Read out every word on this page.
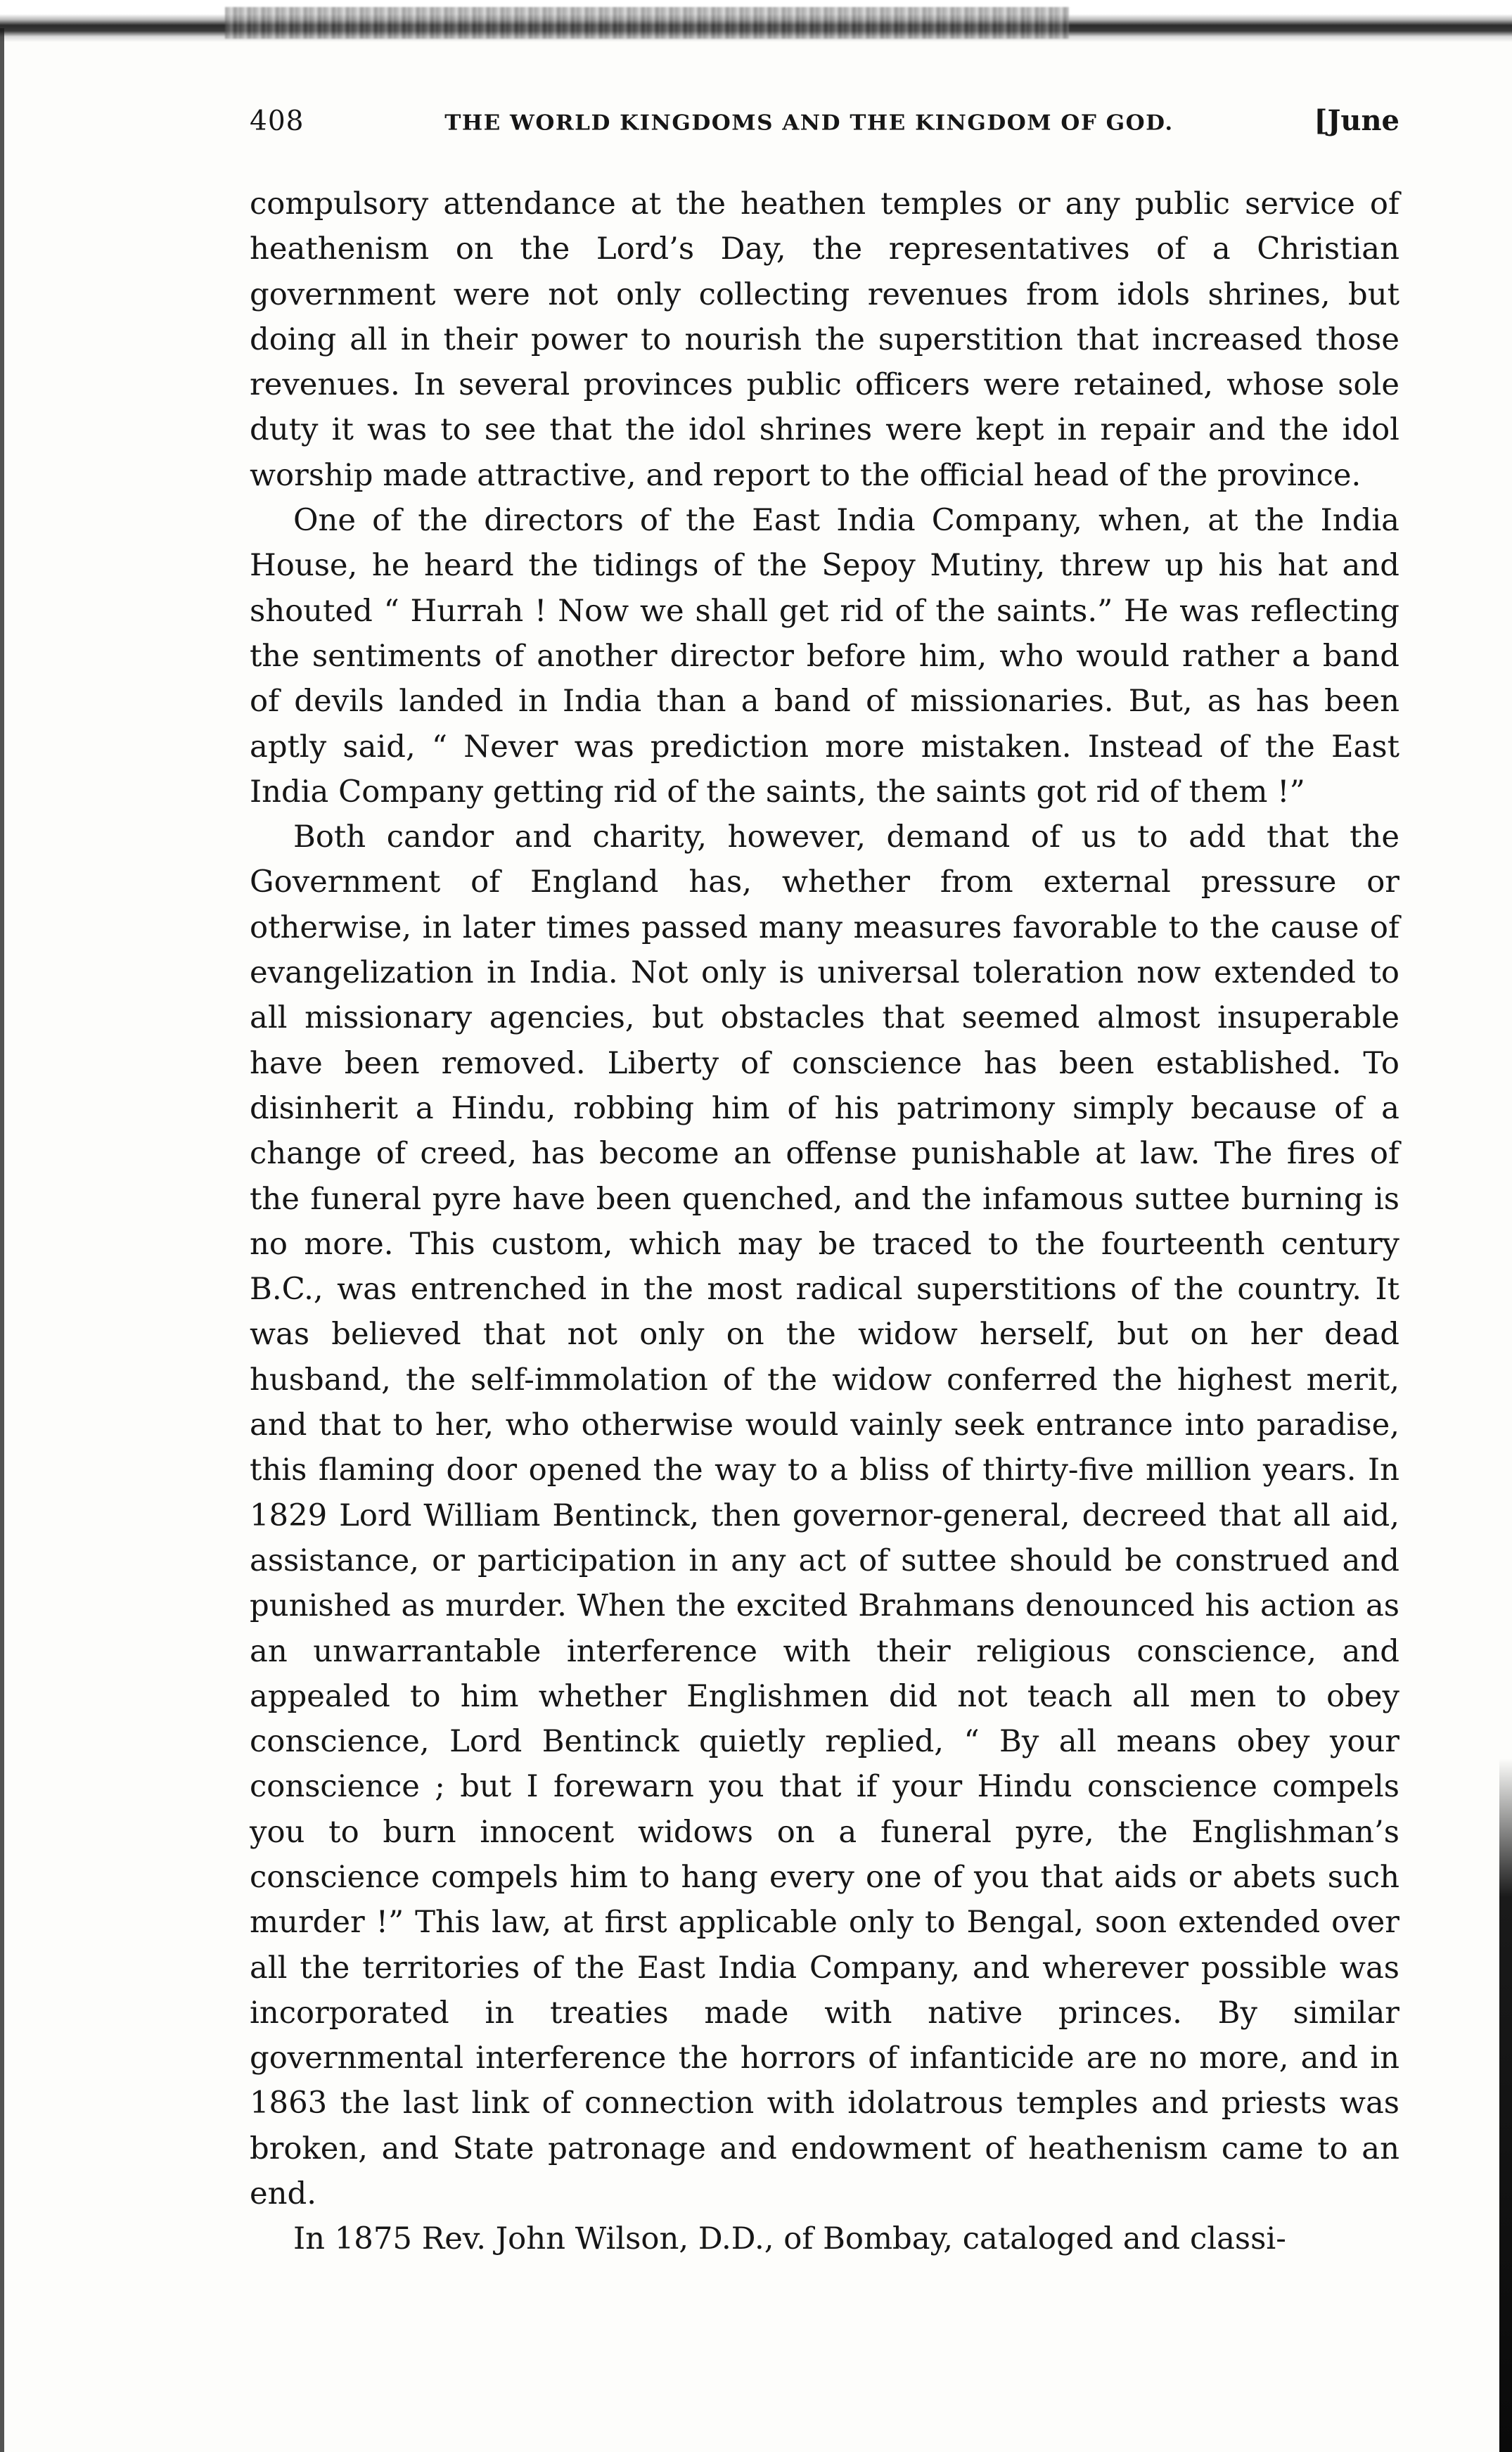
408	THE WORLD KINGDOMS AND THE KINGDOM OF GOD.	[June

compulsory attendance at the heathen temples or any public service of heathenism on the Lord’s Day, the representatives of a Christian government were not only collecting revenues from idols shrines, but doing all in their power to nourish the superstition that increased those revenues. In several provinces public officers were retained, whose sole duty it was to see that the idol shrines were kept in repair and the idol worship made attractive, and report to the official head of the province.

One of the directors of the East India Company, when, at the India House, he heard the tidings of the Sepoy Mutiny, threw up his hat and shouted “ Hurrah ! Now we shall get rid of the saints.” He was reflecting the sentiments of another director before him, who would rather a band of devils landed in India than a band of missionaries. But, as has been aptly said, “ Never was prediction more mistaken. Instead of the East India Company getting rid of the saints, the saints got rid of them !”

Both candor and charity, however, demand of us to add that the Government of England has, whether from external pressure or otherwise, in later times passed many measures favorable to the cause of evangelization in India. Not only is universal toleration now extended to all missionary agencies, but obstacles that seemed almost insuperable have been removed. Liberty of conscience has been established. To disinherit a Hindu, robbing him of his patrimony simply because of a change of creed, has become an offense punishable at law. The fires of the funeral pyre have been quenched, and the infamous suttee burning is no more. This custom, which may be traced to the fourteenth century B.C., was entrenched in the most radical superstitions of the country. It was believed that not only on the widow herself, but on her dead husband, the self-immolation of the widow conferred the highest merit, and that to her, who otherwise would vainly seek entrance into paradise, this flaming door opened the way to a bliss of thirty-five million years. In 1829 Lord William Bentinck, then governor-general, decreed that all aid, assistance, or participation in any act of suttee should be construed and punished as murder. When the excited Brahmans denounced his action as an unwarrantable interference with their religious conscience, and appealed to him whether Englishmen did not teach all men to obey conscience, Lord Bentinck quietly replied, “ By all means obey your conscience ; but I forewarn you that if your Hindu conscience compels you to burn innocent widows on a funeral pyre, the Englishman’s conscience compels him to hang every one of you that aids or abets such murder !” This law, at first applicable only to Bengal, soon extended over all the territories of the East India Company, and wherever possible was incorporated in treaties made with native princes. By similar governmental interference the horrors of infanticide are no more, and in 1863 the last link of connection with idolatrous temples and priests was broken, and State patronage and endowment of heathenism came to an end.

In 1875 Rev. John Wilson, D.D., of Bombay, cataloged and classi-
